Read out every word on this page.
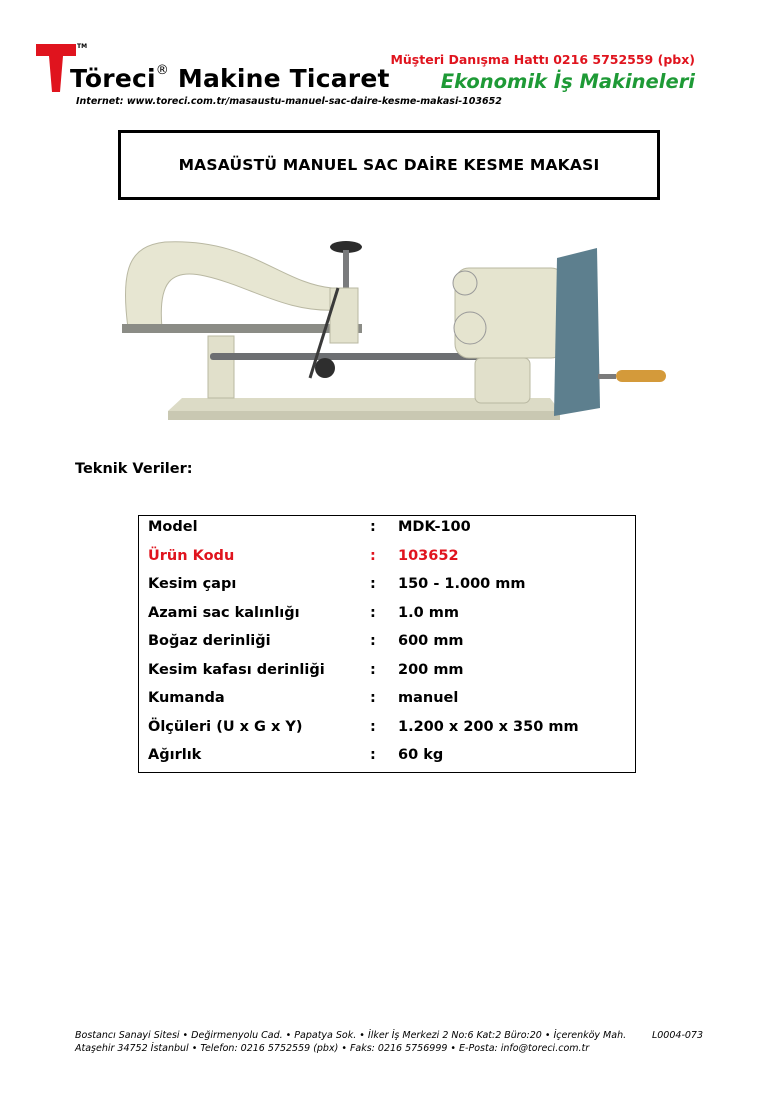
TM
Töreci® Makine Ticaret
Müşteri Danışma Hattı 0216 5752559 (pbx)
Ekonomik İş Makineleri
Internet: www.toreci.com.tr/masaustu-manuel-sac-daire-kesme-makasi-103652
MASAÜSTÜ MANUEL SAC DAİRE KESME MAKASI
Teknik Veriler:
Model	: MDK-100
Ürün Kodu	: 103652
Kesim çapı	: 150 - 1.000 mm
Azami sac kalınlığı	: 1.0 mm
Boğaz derinliği	: 600 mm
Kesim kafası derinliği	: 200 mm
Kumanda	: manuel
Ölçüleri (U x G x Y)	: 1.200 x 200 x 350 mm
Ağırlık	: 60 kg
Bostancı Sanayi Sitesi • Değirmenyolu Cad. • Papatya Sok. • İlker İş Merkezi 2 No:6 Kat:2 Büro:20 • İçerenköy Mah.
Ataşehir 34752 İstanbul • Telefon: 0216 5752559 (pbx) • Faks: 0216 5756999 • E-Posta: info@toreci.com.tr
L0004-073
